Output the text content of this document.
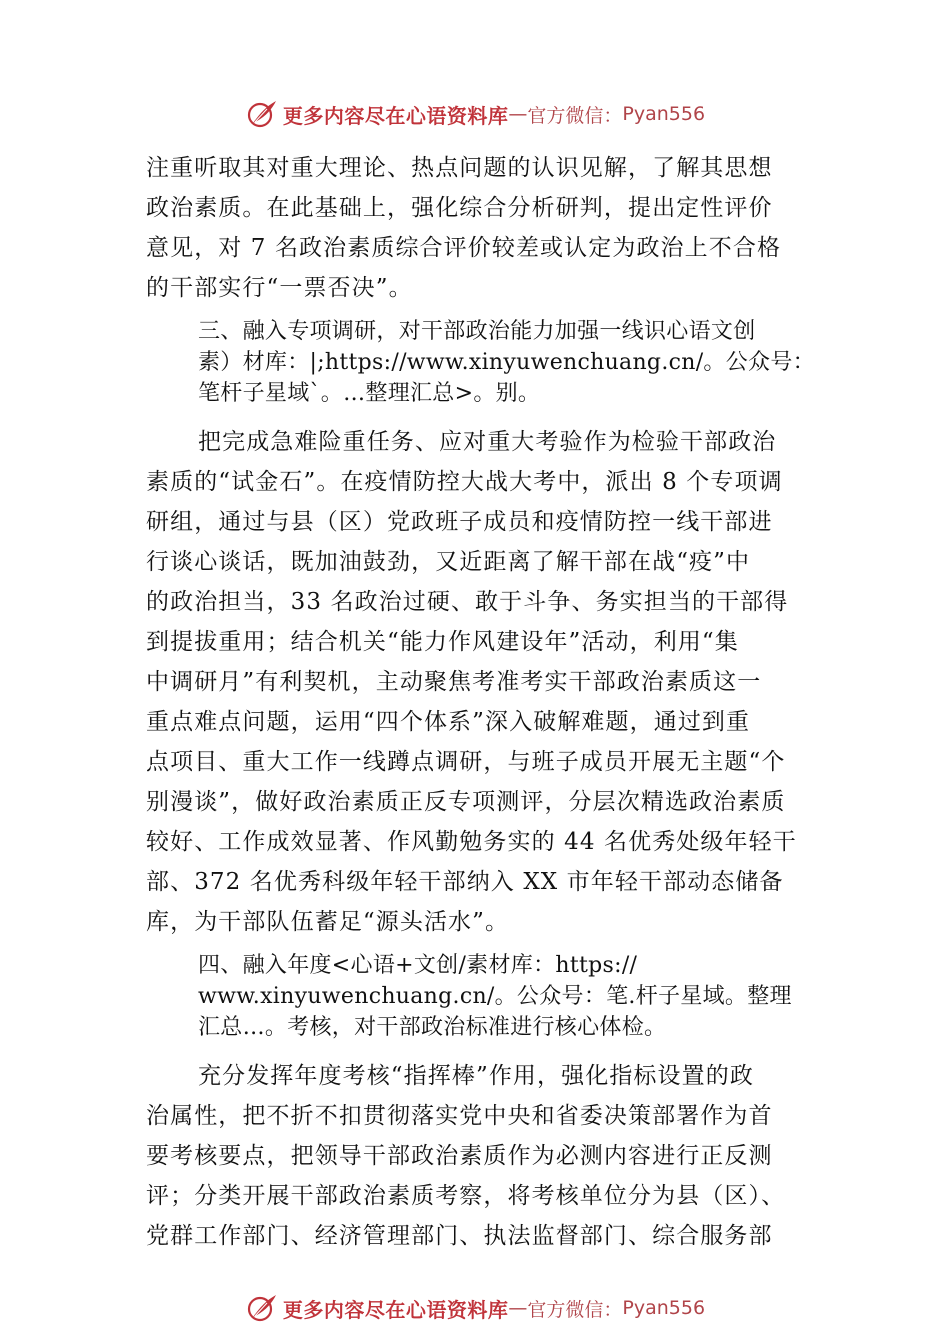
更多内容尽在心语资料库 — 官方微信： Pyan556

注重听取其对重大理论、热点问题的认识见解，了解其思想

政治素质。在此基础上，强化综合分析研判，提出定性评价

意见，对 7 名政治素质综合评价较差或认定为政治上不合格

的干部实行“一票否决”。

三、融入专项调研，对干部政治能力加强一线识心语文创

素）材库：|;https://www.xinyuwenchuang.cn/。公众号：

笔杆子星域`。…整理汇总>。别。

把完成急难险重任务、应对重大考验作为检验干部政治

素质的“试金石”。在疫情防控大战大考中，派出 8 个专项调

研组，通过与县（区）党政班子成员和疫情防控一线干部进

行谈心谈话，既加油鼓劲，又近距离了解干部在战“疫”中

的政治担当，33 名政治过硬、敢于斗争、务实担当的干部得

到提拔重用；结合机关“能力作风建设年”活动，利用“集

中调研月”有利契机，主动聚焦考准考实干部政治素质这一

重点难点问题，运用“四个体系”深入破解难题，通过到重

点项目、重大工作一线蹲点调研，与班子成员开展无主题“个

别漫谈”，做好政治素质正反专项测评，分层次精选政治素质

较好、工作成效显著、作风勤勉务实的 44 名优秀处级年轻干

部、372 名优秀科级年轻干部纳入 XX 市年轻干部动态储备

库，为干部队伍蓄足“源头活水”。

四、融入年度<心语+文创/素材库：https://

www.xinyuwenchuang.cn/。公众号：笔.杆子星域。整理

汇总…。考核，对干部政治标准进行核心体检。

充分发挥年度考核“指挥棒”作用，强化指标设置的政

治属性，把不折不扣贯彻落实党中央和省委决策部署作为首

要考核要点，把领导干部政治素质作为必测内容进行正反测

评；分类开展干部政治素质考察，将考核单位分为县（区）、

党群工作部门、经济管理部门、执法监督部门、综合服务部

更多内容尽在心语资料库 — 官方微信： Pyan556
